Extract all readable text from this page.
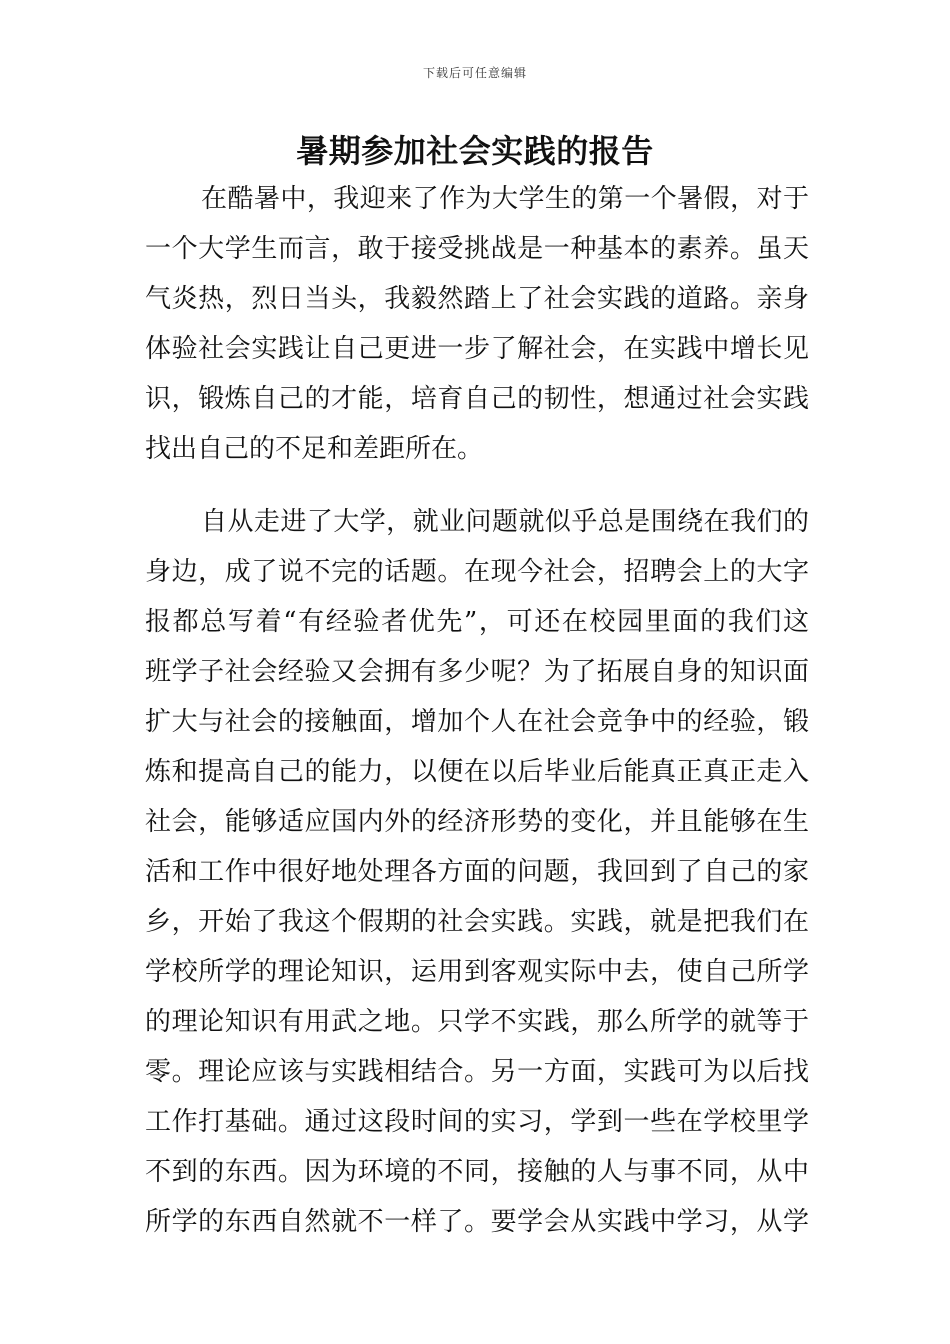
下载后可任意编辑
暑期参加社会实践的报告
在酷暑中，我迎来了作为大学生的第一个暑假，对于
一个大学生而言，敢于接受挑战是一种基本的素养。虽天
气炎热，烈日当头，我毅然踏上了社会实践的道路。亲身
体验社会实践让自己更进一步了解社会，在实践中增长见
识，锻炼自己的才能，培育自己的韧性，想通过社会实践
找出自己的不足和差距所在。
自从走进了大学，就业问题就似乎总是围绕在我们的
身边，成了说不完的话题。在现今社会，招聘会上的大字
报都总写着“有经验者优先”，可还在校园里面的我们这
班学子社会经验又会拥有多少呢？为了拓展自身的知识面
扩大与社会的接触面，增加个人在社会竞争中的经验，锻
炼和提高自己的能力，以便在以后毕业后能真正真正走入
社会，能够适应国内外的经济形势的变化，并且能够在生
活和工作中很好地处理各方面的问题，我回到了自己的家
乡，开始了我这个假期的社会实践。实践，就是把我们在
学校所学的理论知识，运用到客观实际中去，使自己所学
的理论知识有用武之地。只学不实践，那么所学的就等于
零。理论应该与实践相结合。另一方面，实践可为以后找
工作打基础。通过这段时间的实习，学到一些在学校里学
不到的东西。因为环境的不同，接触的人与事不同，从中
所学的东西自然就不一样了。要学会从实践中学习，从学
